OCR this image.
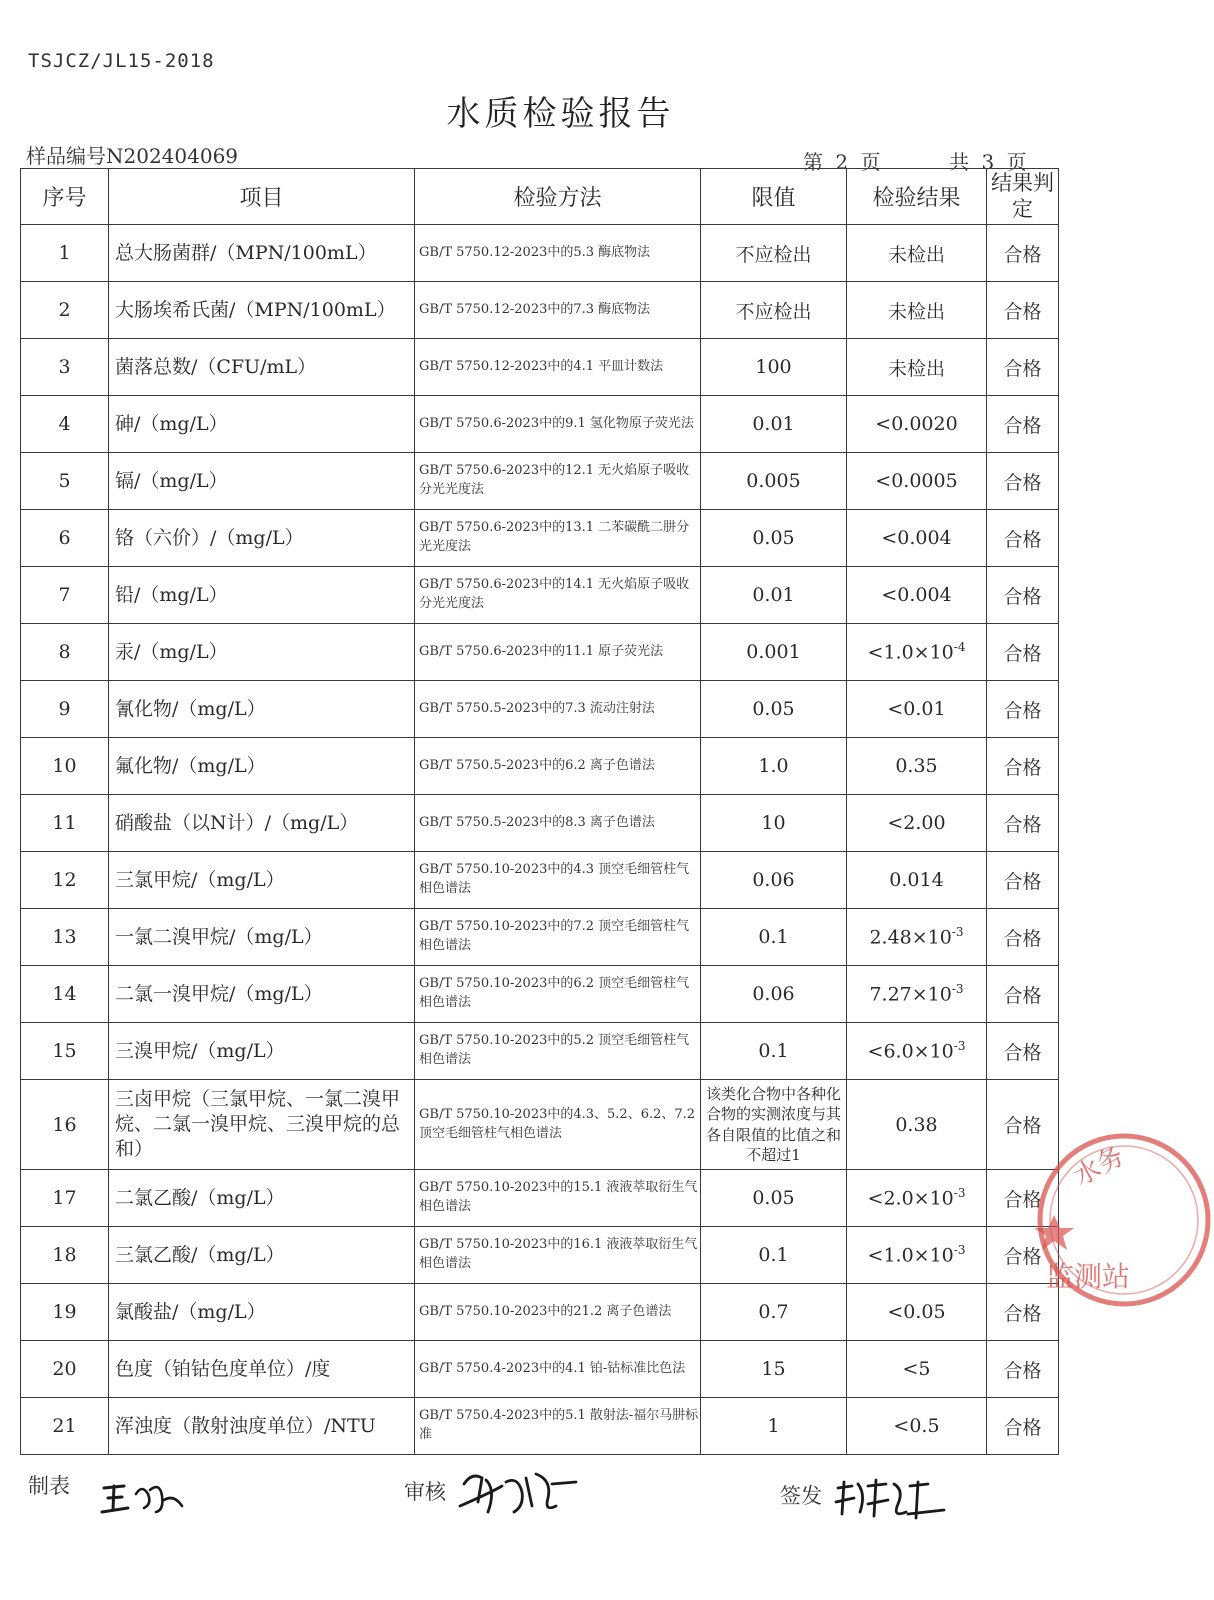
TSJCZ/JL15-2018
水质检验报告
样品编号N202404069	第 2 页	共 3 页
序号	项目	检验方法	限值	检验结果	结果判定
1	总大肠菌群/（MPN/100mL）	GB/T 5750.12-2023中的5.3 酶底物法	不应检出	未检出	合格
2	大肠埃希氏菌/（MPN/100mL）	GB/T 5750.12-2023中的7.3 酶底物法	不应检出	未检出	合格
3	菌落总数/（CFU/mL）	GB/T 5750.12-2023中的4.1 平皿计数法	100	未检出	合格
4	砷/（mg/L）	GB/T 5750.6-2023中的9.1 氢化物原子荧光法	0.01	<0.0020	合格
5	镉/（mg/L）	GB/T 5750.6-2023中的12.1 无火焰原子吸收分光光度法	0.005	<0.0005	合格
6	铬（六价）/（mg/L）	GB/T 5750.6-2023中的13.1 二苯碳酰二肼分光光度法	0.05	<0.004	合格
7	铅/（mg/L）	GB/T 5750.6-2023中的14.1 无火焰原子吸收分光光度法	0.01	<0.004	合格
8	汞/（mg/L）	GB/T 5750.6-2023中的11.1 原子荧光法	0.001	$<1.0\times 10^{-4}$	合格
9	氰化物/（mg/L）	GB/T 5750.5-2023中的7.3 流动注射法	0.05	<0.01	合格
10	氟化物/（mg/L）	GB/T 5750.5-2023中的6.2 离子色谱法	1.0	0.35	合格
11	硝酸盐（以N计）/（mg/L）	GB/T 5750.5-2023中的8.3 离子色谱法	10	<2.00	合格
12	三氯甲烷/（mg/L）	GB/T 5750.10-2023中的4.3 顶空毛细管柱气相色谱法	0.06	0.014	合格
13	一氯二溴甲烷/（mg/L）	GB/T 5750.10-2023中的7.2 顶空毛细管柱气相色谱法	0.1	$2.48\times 10^{-3}$	合格
14	二氯一溴甲烷/（mg/L）	GB/T 5750.10-2023中的6.2 顶空毛细管柱气相色谱法	0.06	$7.27\times 10^{-3}$	合格
15	三溴甲烷/（mg/L）	GB/T 5750.10-2023中的5.2 顶空毛细管柱气相色谱法	0.1	$<6.0\times 10^{-3}$	合格
16	三卤甲烷（三氯甲烷、一氯二溴甲烷、二氯一溴甲烷、三溴甲烷的总和）	GB/T 5750.10-2023中的4.3、5.2、6.2、7.2 顶空毛细管柱气相色谱法	该类化合物中各种化合物的实测浓度与其各自限值的比值之和不超过1	0.38	合格
17	二氯乙酸/（mg/L）	GB/T 5750.10-2023中的15.1 液液萃取衍生气相色谱法	0.05	$<2.0\times 10^{-3}$	合格
18	三氯乙酸/（mg/L）	GB/T 5750.10-2023中的16.1 液液萃取衍生气相色谱法	0.1	$<1.0\times 10^{-3}$	合格
19	氯酸盐/（mg/L）	GB/T 5750.10-2023中的21.2 离子色谱法	0.7	<0.05	合格
20	色度（铂钴色度单位）/度	GB/T 5750.4-2023中的4.1 铂-钴标准比色法	15	<5	合格
21	浑浊度（散射浊度单位）/NTU	GB/T 5750.4-2023中的5.1 散射法-福尔马肼标准	1	<0.5	合格
制表	审核	签发
水务
监测站
